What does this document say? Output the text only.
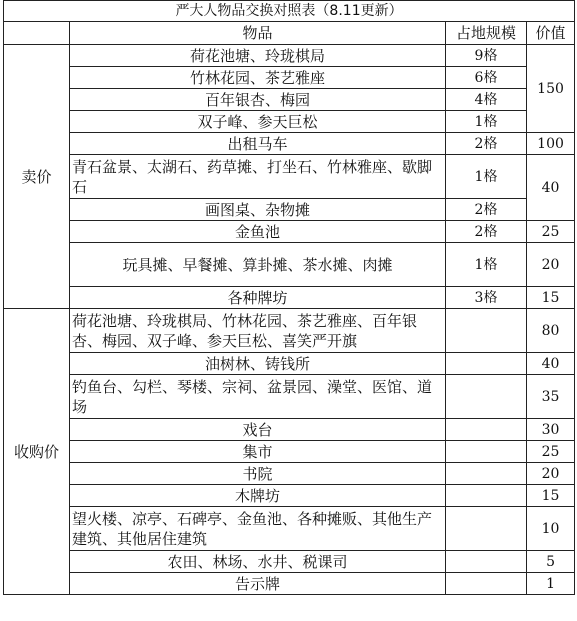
严大人物品交换对照表（8.11更新）			
	物品	占地规模	价值
卖价	荷花池塘、玲珑棋局	9格	150
	竹林花园、茶艺雅座	6格	
	百年银杏、梅园	4格	
	双子峰、参天巨松	1格	
	出租马车	2格	100
	青石盆景、太湖石、药草摊、打坐石、竹林雅座、歇脚石	1格	40
	画图桌、杂物摊	2格	
	金鱼池	2格	25
	玩具摊、早餐摊、算卦摊、茶水摊、肉摊	1格	20
	各种牌坊	3格	15
收购价	荷花池塘、玲珑棋局、竹林花园、茶艺雅座、百年银杏、梅园、双子峰、参天巨松、喜笑严开旗		80
	油树林、铸钱所		40
	钓鱼台、勾栏、琴楼、宗祠、盆景园、澡堂、医馆、道场		35
	戏台		30
	集市		25
	书院		20
	木牌坊		15
	望火楼、凉亭、石碑亭、金鱼池、各种摊贩、其他生产建筑、其他居住建筑		10
	农田、林场、水井、税课司		5
	告示牌		1
